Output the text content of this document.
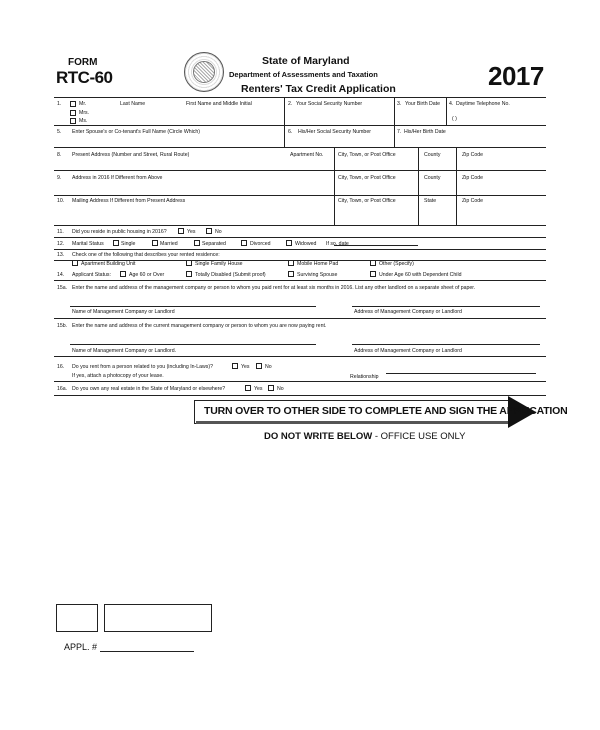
FORM
RTC-60
State of Maryland
Department of Assessments and Taxation
Renters' Tax Credit Application	2017
1.	Mr.
Mrs.
Ms.
Last Name	First Name and Middle Initial	2. Your Social Security Number	3. Your Birth Date 4. Daytime Telephone No.
( )
5. Enter Spouse's or Co-tenant's Full Name (Circle Which)	6. His/Her Social Security Number	7. His/Her Birth Date
8. Present Address (Number and Street, Rural Route)	Apartment No.	City, Town, or Post Office	County	Zip Code
9. Address in 2016 If Different from Above	City, Town, or Post Office	County	Zip Code
10. Mailing Address If Different from Present Address	City, Town, or Post Office	State	Zip Code
11. Did you reside in public housing in 2016?	Yes	No
12. Marital Status	Single	Married	Separated	Divorced	Widowed If so, date
13. Check one of the following that describes your rented residence:
Apartment Building Unit	Single Family House	Mobile Home Pad	Other (Specify)
14. Applicant Status:	Age 60 or Over	Totally Disabled (Submit proof)	Surviving Spouse	Under Age 60 with Dependent Child
15a. Enter the name and address of the management company or person to whom you paid rent for at least six months in 2016. List any other landlord on a separate sheet of paper.
Name of Management Company or Landlord	Address of Management Company or Landlord
15b. Enter the name and address of the current management company or person to whom you are now paying rent.
Name of Management Company or Landlord.	Address of Management Company or Landlord
16. Do you rent from a person related to you (including In-Laws)?	Yes	No
If yes, attach a photocopy of your lease.	Relationship
16a. Do you own any real estate in the State of Maryland or elsewhere?	Yes	No
TURN OVER TO OTHER SIDE TO COMPLETE AND SIGN THE APPLICATION
DO NOT WRITE BELOW - OFFICE USE ONLY
APPL. #
